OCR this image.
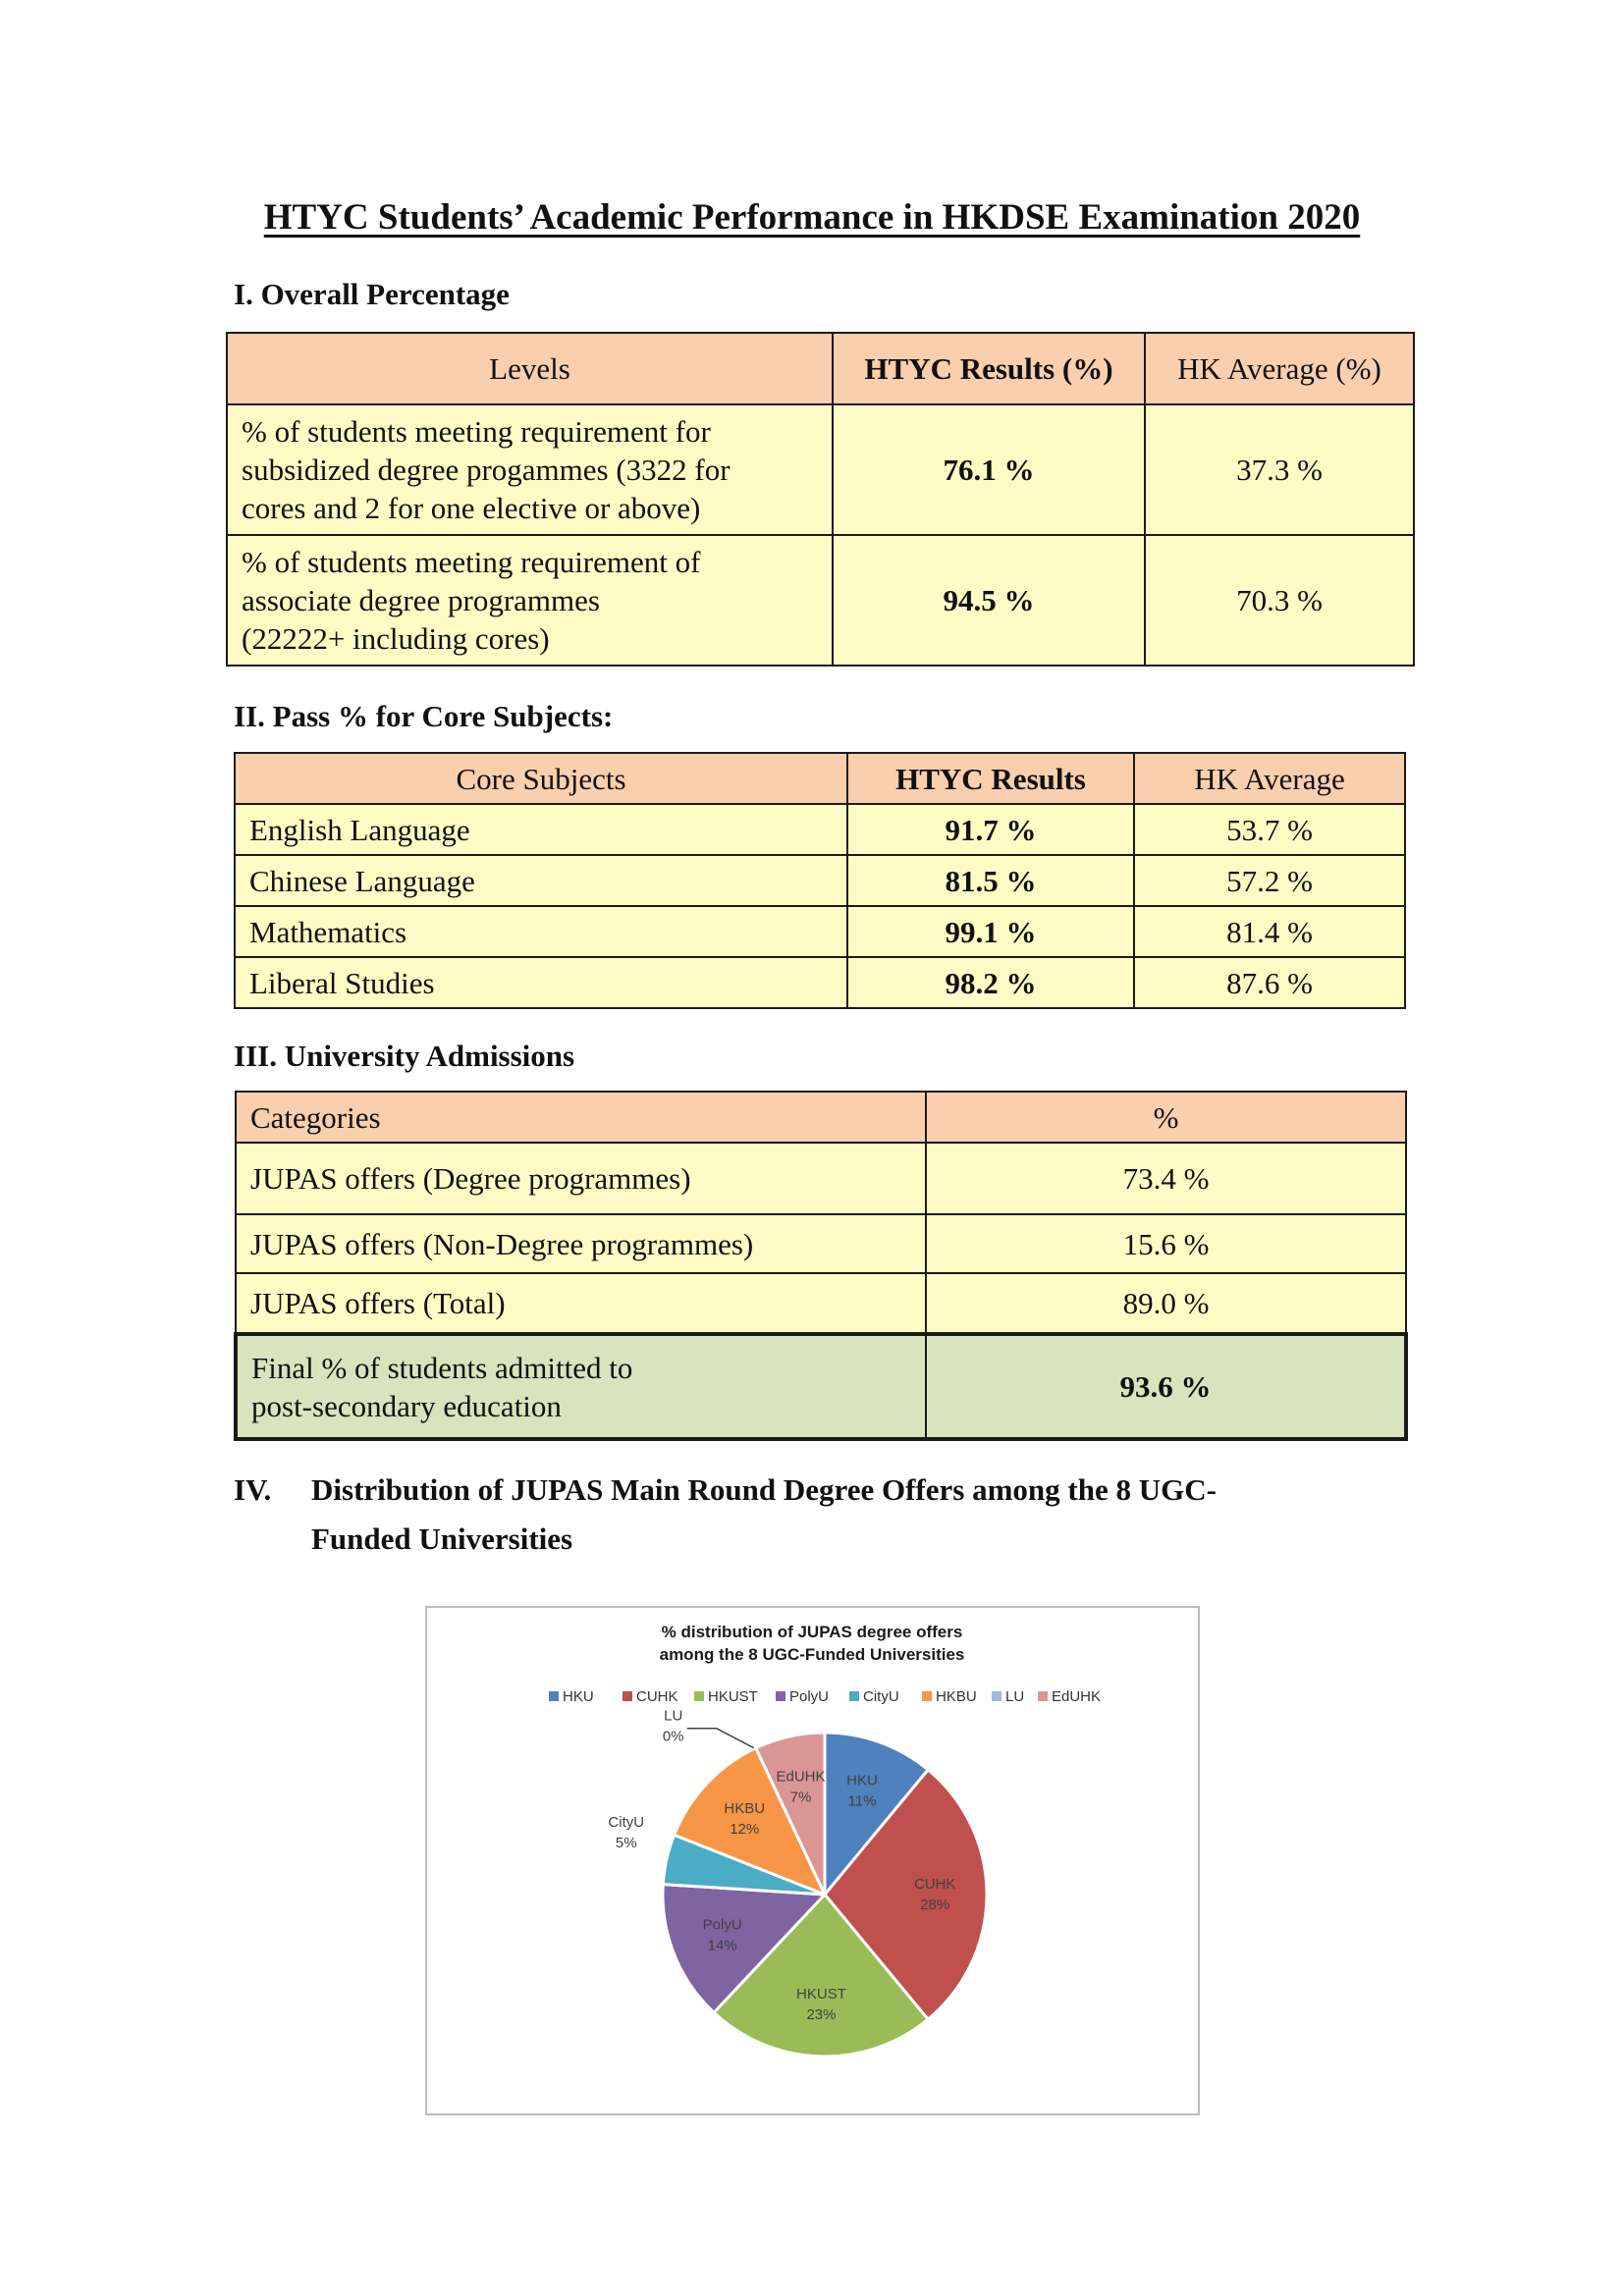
HTYC Students’ Academic Performance in HKDSE Examination 2020
I. Overall Percentage
Levels	HTYC Results (%)	HK Average (%)

% of students meeting requirement for
subsidized degree progammes (3322 for
cores and 2 for one elective or above)	76.1 %	37.3 %

% of students meeting requirement of
associate degree programmes
(22222+ including cores)	94.5 %	70.3 %
II. Pass % for Core Subjects:
Core Subjects	HTYC Results	HK Average
English Language	91.7 %	53.7 %
Chinese Language	81.5 %	57.2 %
Mathematics	99.1 %	81.4 %
Liberal Studies	98.2 %	87.6 %
III. University Admissions
Categories	%
JUPAS offers (Degree programmes)	73.4 %
JUPAS offers (Non-Degree programmes)	15.6 %
JUPAS offers (Total)	89.0 %

Final % of students admitted to
post-secondary education	93.6 %
IV. Distribution of JUPAS Main Round Degree Offers among the 8 UGC-
Funded Universities
% distribution of JUPAS degree offers
among the 8 UGC-Funded Universities
HKU	CUHK HKUST PolyU CityU HKBU LU EdUHK
HKU
11%
CUHK
28%
HKUST
23%
PolyU
14%
CityU
5%
HKBU
12%
EdUHK
7%
LU
0%
